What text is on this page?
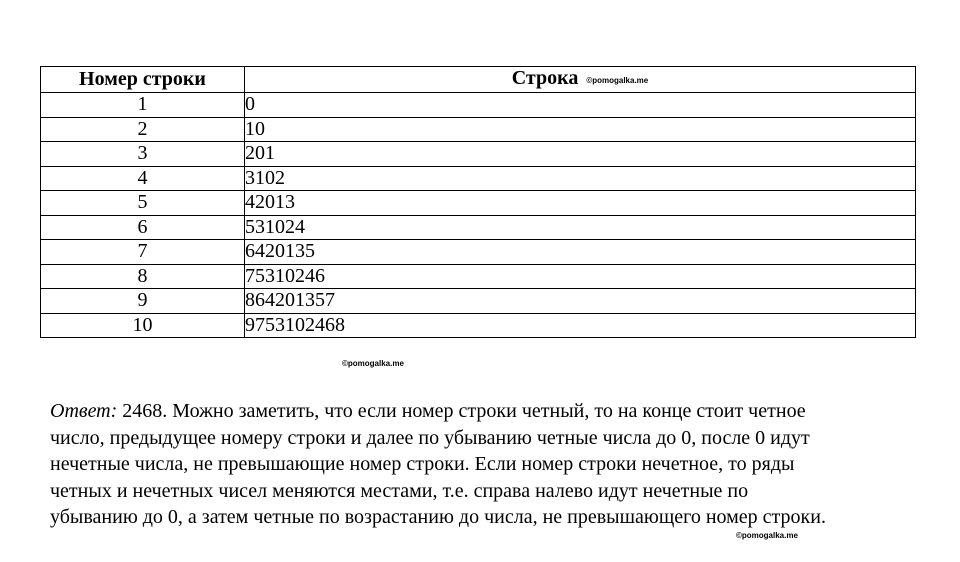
Номер строки	Строка ©pomogalka.me
1	0
2	10
3	201
4	3102
5	42013
6	531024
7	6420135
8	75310246
9	864201357
10	9753102468
©pomogalka.me

Ответ: 2468. Можно заметить, что если номер строки четный, то на конце стоит четное
число, предыдущее номеру строки и далее по убыванию четные числа до 0, после 0 идут
нечетные числа, не превышающие номер строки. Если номер строки нечетное, то ряды
четных и нечетных чисел меняются местами, т.е. справа налево идут нечетные по
убыванию до 0, а затем четные по возрастанию до числа, не превышающего номер строки.

©pomogalka.me
